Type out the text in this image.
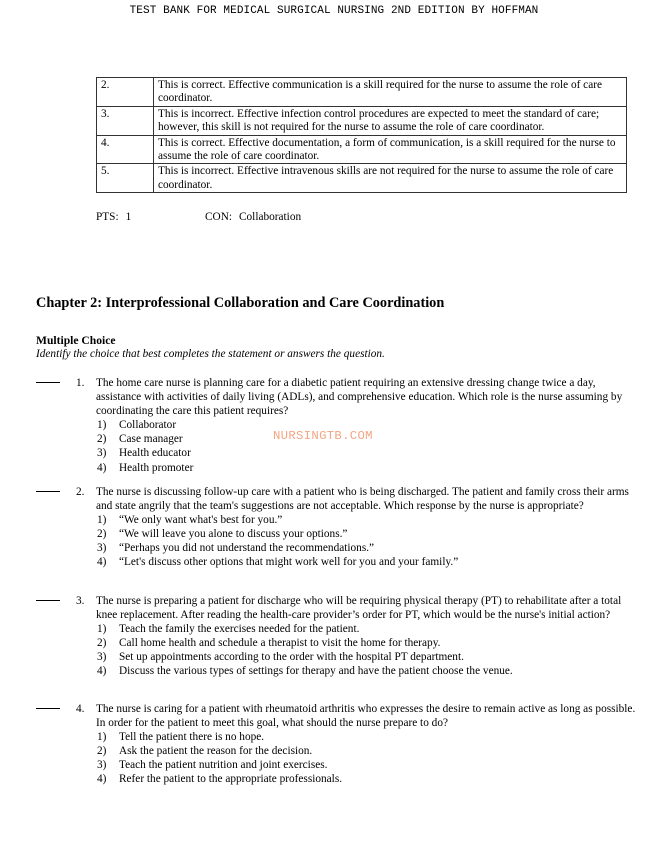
TEST BANK FOR MEDICAL SURGICAL NURSING 2ND EDITION BY HOFFMAN
2.	This is correct. Effective communication is a skill required for the nurse to assume the role of care coordinator.
3.	This is incorrect. Effective infection control procedures are expected to meet the standard of care; however, this skill is not required for the nurse to assume the role of care coordinator.
4.	This is correct. Effective documentation, a form of communication, is a skill required for the nurse to assume the role of care coordinator.
5.	This is incorrect. Effective intravenous skills are not required for the nurse to assume the role of care coordinator.
PTS: 1	CON: Collaboration
Chapter 2: Interprofessional Collaboration and Care Coordination
Multiple Choice
Identify the choice that best completes the statement or answers the question.
1. The home care nurse is planning care for a diabetic patient requiring an extensive dressing change twice a day, assistance with activities of daily living (ADLs), and comprehensive education. Which role is the nurse assuming by coordinating the care this patient requires?
1)	Collaborator
2)	Case manager
3)	Health educator
4)	Health promoter
NURSINGTB.COM
2. The nurse is discussing follow-up care with a patient who is being discharged. The patient and family cross their arms and state angrily that the team's suggestions are not acceptable. Which response by the nurse is appropriate?
1)	“We only want what's best for you.”
2)	“We will leave you alone to discuss your options.”
3)	“Perhaps you did not understand the recommendations.”
4)	“Let's discuss other options that might work well for you and your family.”
3. The nurse is preparing a patient for discharge who will be requiring physical therapy (PT) to rehabilitate after a total knee replacement. After reading the health-care provider’s order for PT, which would be the nurse's initial action?
1)	Teach the family the exercises needed for the patient.
2)	Call home health and schedule a therapist to visit the home for therapy.
3)	Set up appointments according to the order with the hospital PT department.
4)	Discuss the various types of settings for therapy and have the patient choose the venue.
4. The nurse is caring for a patient with rheumatoid arthritis who expresses the desire to remain active as long as possible. In order for the patient to meet this goal, what should the nurse prepare to do?
1)	Tell the patient there is no hope.
2)	Ask the patient the reason for the decision.
3)	Teach the patient nutrition and joint exercises.
4)	Refer the patient to the appropriate professionals.
